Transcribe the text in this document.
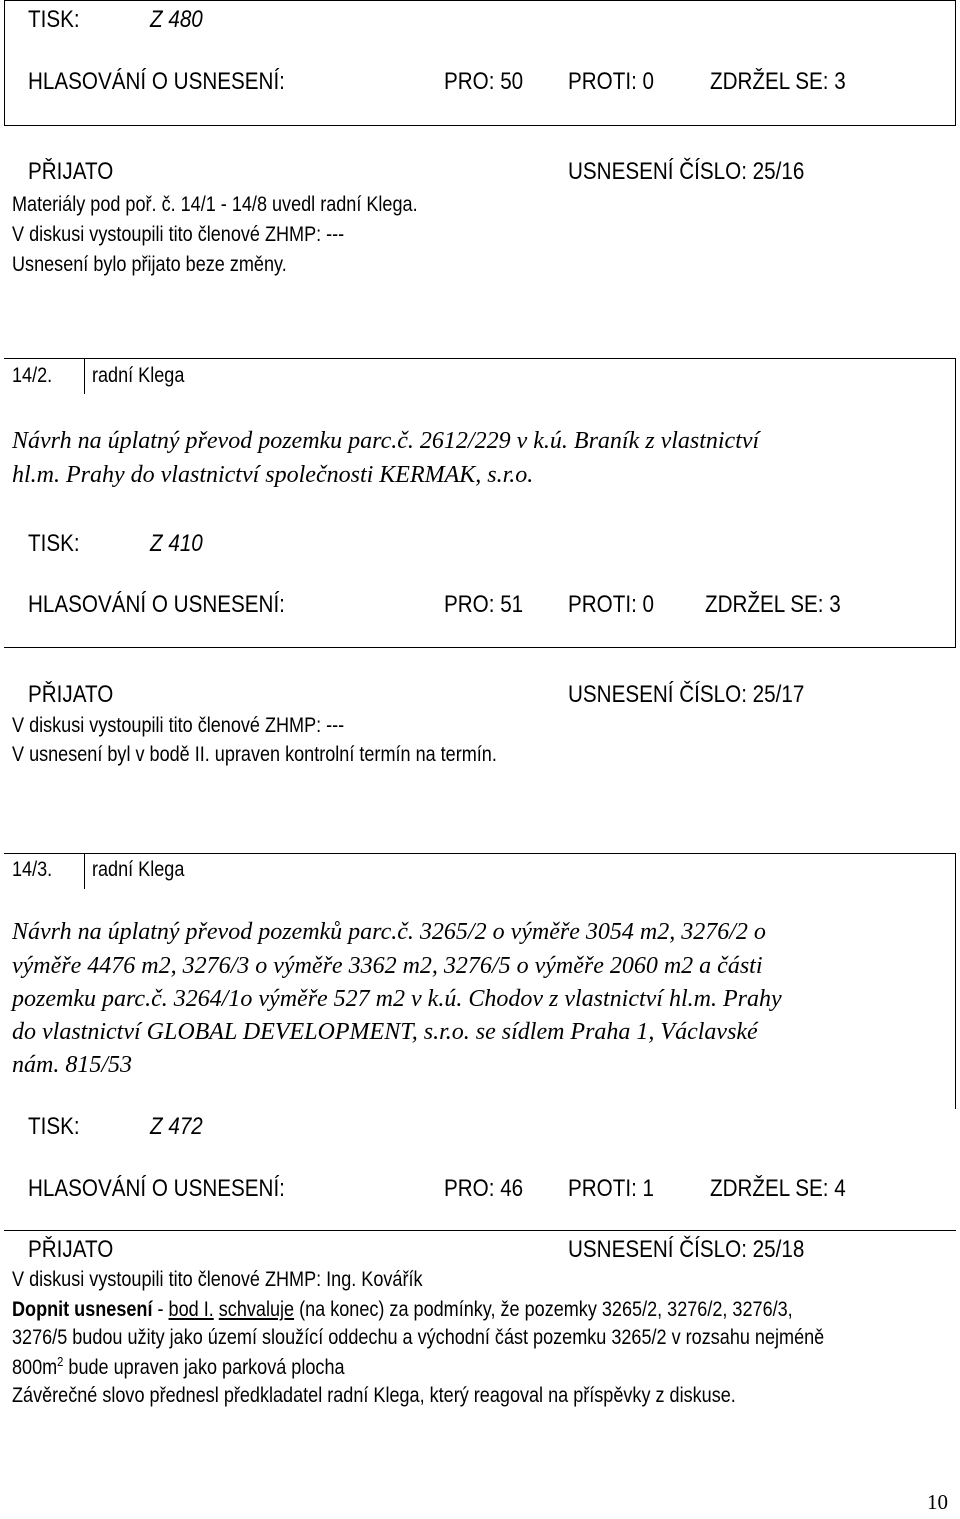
TISK:	Z 480
HLASOVÁNÍ O USNESENÍ:	PRO: 50 PROTI: 0 ZDRŽEL SE: 3
PŘIJATO	USNESENÍ ČÍSLO: 25/16
Materiály pod poř. č. 14/1 - 14/8 uvedl radní Klega.
V diskusi vystoupili tito členové ZHMP: ---
Usnesení bylo přijato beze změny.
14/2. radní Klega
Návrh na úplatný převod pozemku parc.č. 2612/229 v k.ú. Braník z vlastnictví
hl.m. Prahy do vlastnictví společnosti KERMAK, s.r.o.
TISK:	Z 410
HLASOVÁNÍ O USNESENÍ:	PRO: 51 PROTI: 0 ZDRŽEL SE: 3
PŘIJATO	USNESENÍ ČÍSLO: 25/17
V diskusi vystoupili tito členové ZHMP: ---
V usnesení byl v bodě II. upraven kontrolní termín na termín.
14/3. radní Klega
Návrh na úplatný převod pozemků parc.č. 3265/2 o výměře 3054 m2, 3276/2 o
výměře 4476 m2, 3276/3 o výměře 3362 m2, 3276/5 o výměře 2060 m2 a části
pozemku parc.č. 3264/1o výměře 527 m2 v k.ú. Chodov z vlastnictví hl.m. Prahy
do vlastnictví GLOBAL DEVELOPMENT, s.r.o. se sídlem Praha 1, Václavské
nám. 815/53
TISK:	Z 472
HLASOVÁNÍ O USNESENÍ:	PRO: 46 PROTI: 1 ZDRŽEL SE: 4
PŘIJATO	USNESENÍ ČÍSLO: 25/18
V diskusi vystoupili tito členové ZHMP: Ing. Kovářík
Dopnit usnesení - bod I. schvaluje (na konec) za podmínky, že pozemky 3265/2, 3276/2, 3276/3,
3276/5 budou užity jako území sloužící oddechu a východní část pozemku 3265/2 v rozsahu nejméně
$800m^2$ bude upraven jako parková plocha
Závěrečné slovo přednesl předkladatel radní Klega, který reagoval na příspěvky z diskuse.
10
